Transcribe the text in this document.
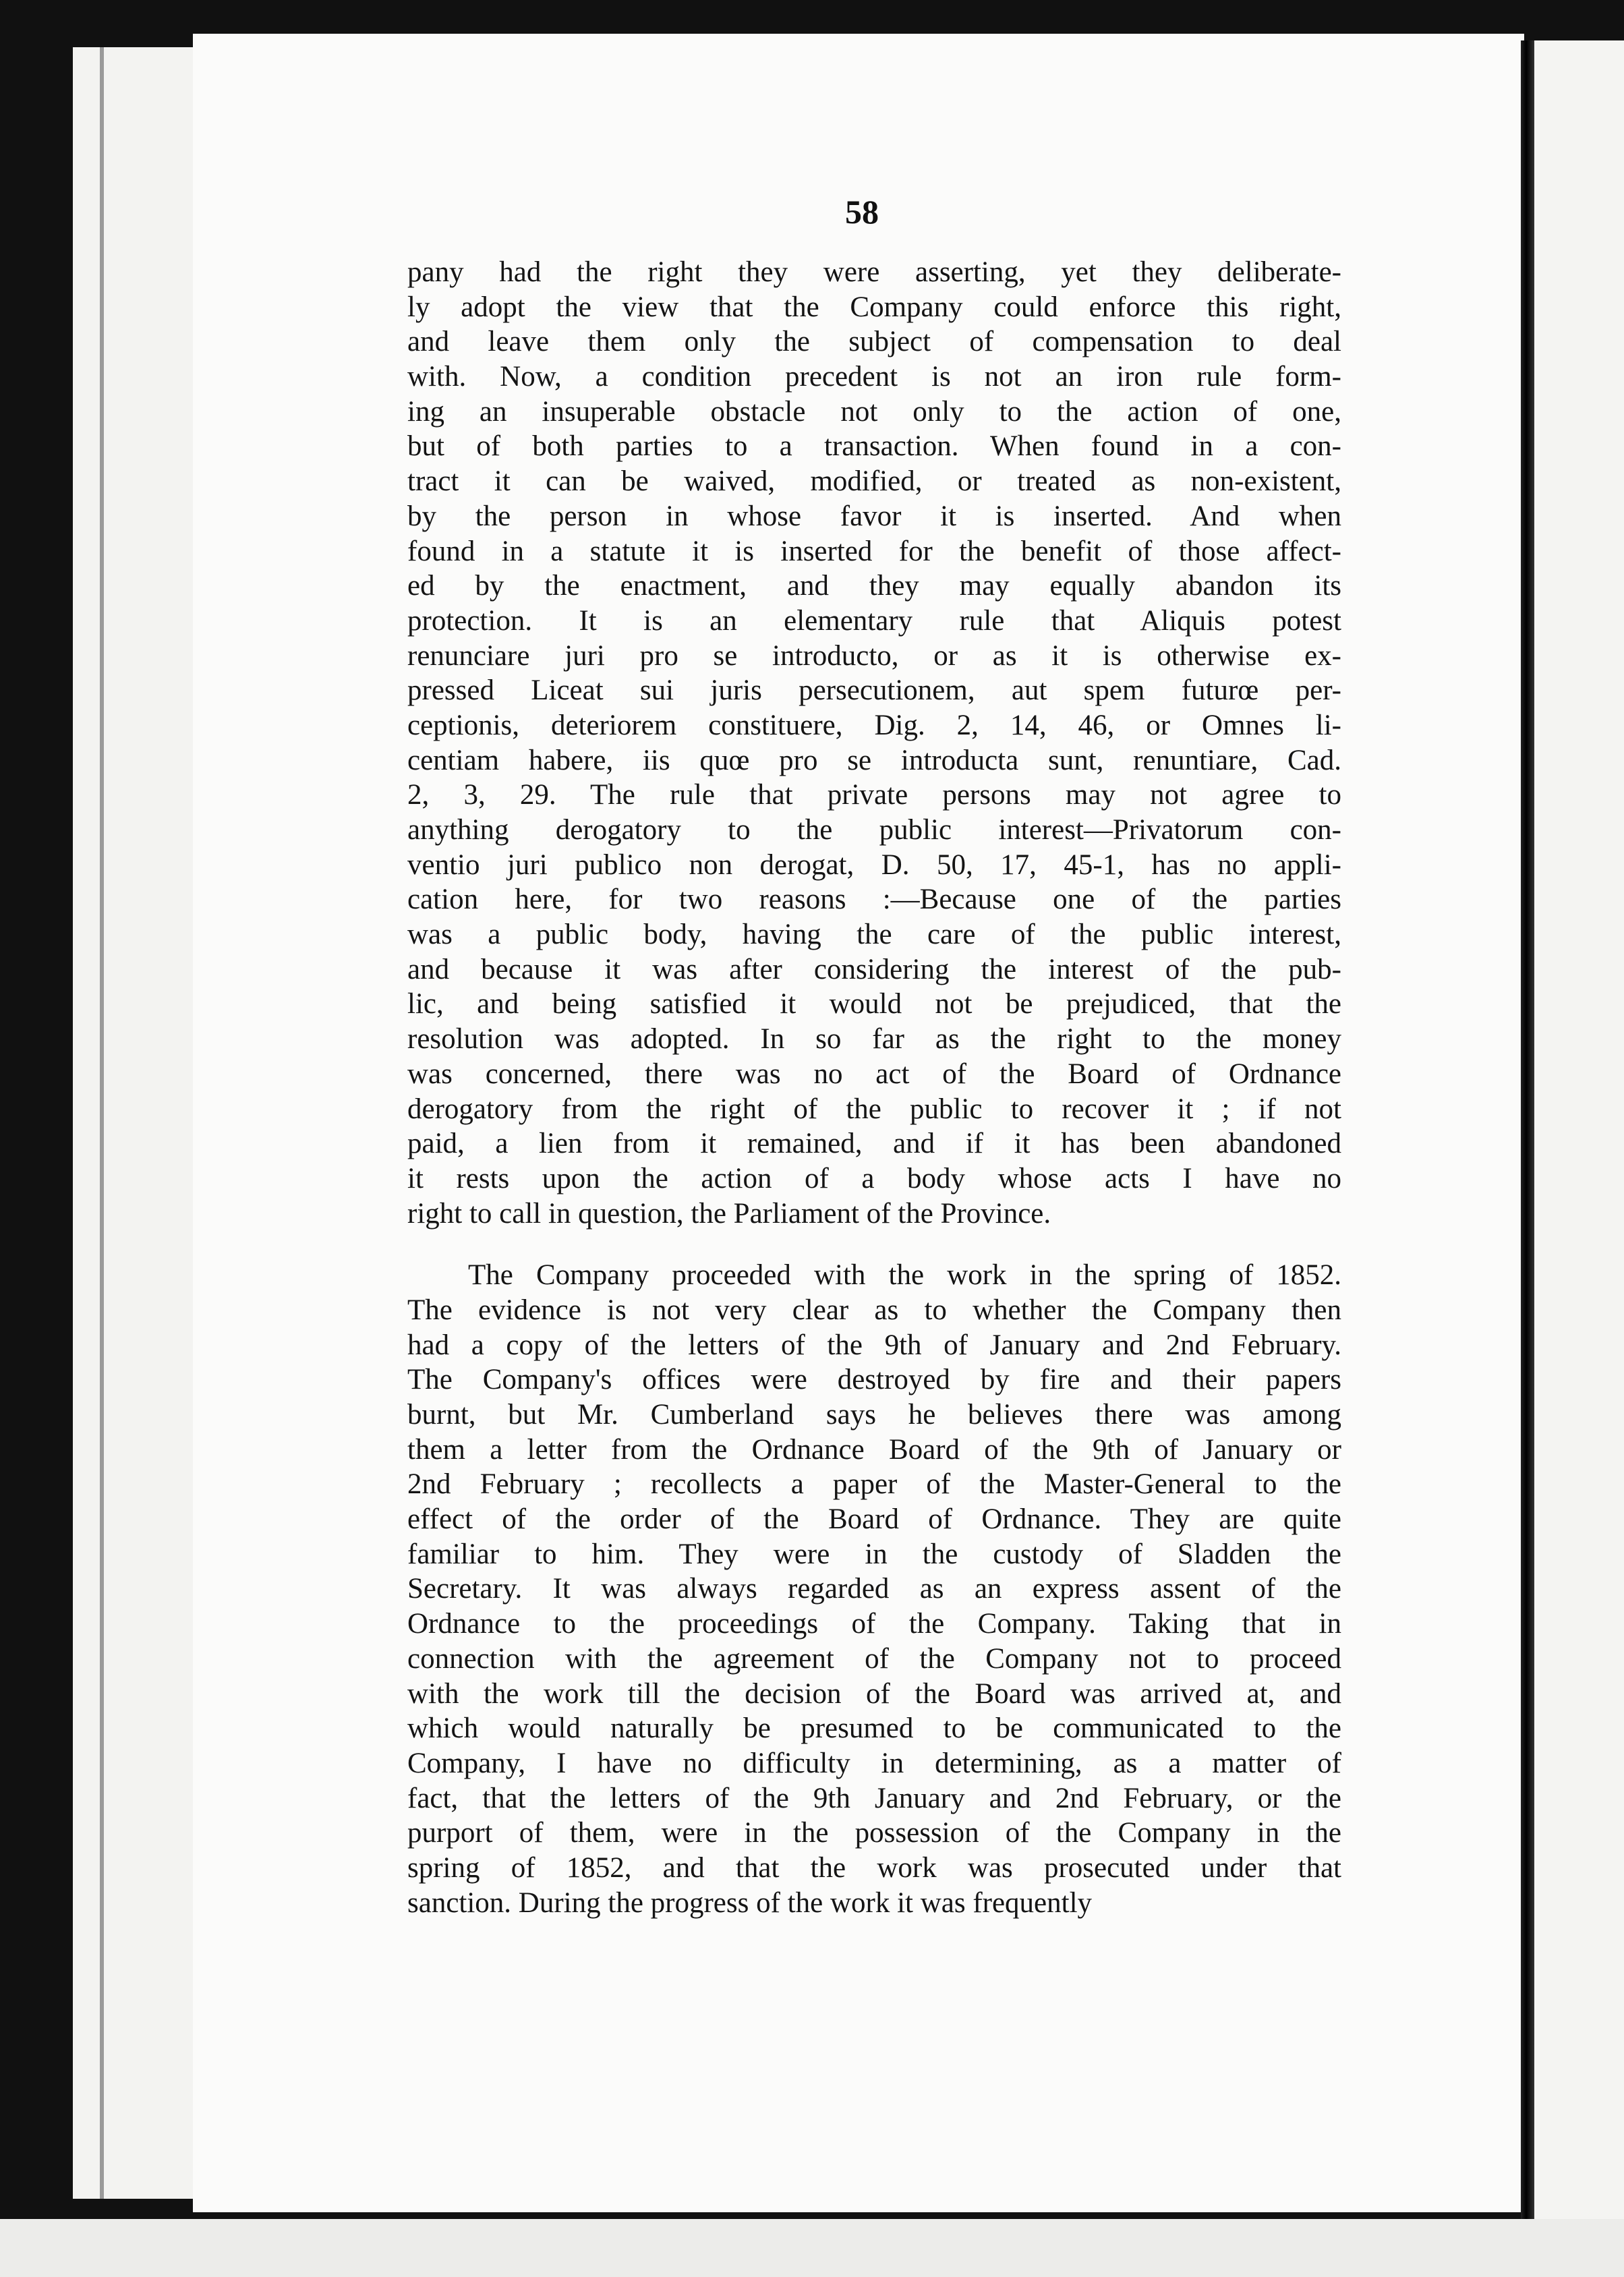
58
pany had the right they were asserting, yet they deliberate-
ly adopt the view that the Company could enforce this right,
and leave them only the subject of compensation to deal
with. Now, a condition precedent is not an iron rule form-
ing an insuperable obstacle not only to the action of one,
but of both parties to a transaction. When found in a con-
tract it can be waived, modified, or treated as non-existent,
by the person in whose favor it is inserted. And when
found in a statute it is inserted for the benefit of those affect-
ed by the enactment, and they may equally abandon its
protection. It is an elementary rule that Aliquis potest
renunciare juri pro se introducto, or as it is otherwise ex-
pressed Liceat sui juris persecutionem, aut spem futurœ per-
ceptionis, deteriorem constituere, Dig. 2, 14, 46, or Omnes li-
centiam habere, iis quœ pro se introducta sunt, renuntiare, Cad.
2, 3, 29. The rule that private persons may not agree to
anything derogatory to the public interest—Privatorum con-
ventio juri publico non derogat, D. 50, 17, 45-1, has no appli-
cation here, for two reasons :—Because one of the parties
was a public body, having the care of the public interest,
and because it was after considering the interest of the pub-
lic, and being satisfied it would not be prejudiced, that the
resolution was adopted. In so far as the right to the money
was concerned, there was no act of the Board of Ordnance
derogatory from the right of the public to recover it ; if not
paid, a lien from it remained, and if it has been abandoned
it rests upon the action of a body whose acts I have no
right to call in question, the Parliament of the Province.
The Company proceeded with the work in the spring of 1852.
The evidence is not very clear as to whether the Company then
had a copy of the letters of the 9th of January and 2nd February.
The Company's offices were destroyed by fire and their papers
burnt, but Mr. Cumberland says he believes there was among
them a letter from the Ordnance Board of the 9th of January or
2nd February ; recollects a paper of the Master-General to the
effect of the order of the Board of Ordnance. They are quite
familiar to him. They were in the custody of Sladden the
Secretary. It was always regarded as an express assent of the
Ordnance to the proceedings of the Company. Taking that in
connection with the agreement of the Company not to proceed
with the work till the decision of the Board was arrived at, and
which would naturally be presumed to be communicated to the
Company, I have no difficulty in determining, as a matter of
fact, that the letters of the 9th January and 2nd February, or the
purport of them, were in the possession of the Company in the
spring of 1852, and that the work was prosecuted under that
sanction. During the progress of the work it was frequently
